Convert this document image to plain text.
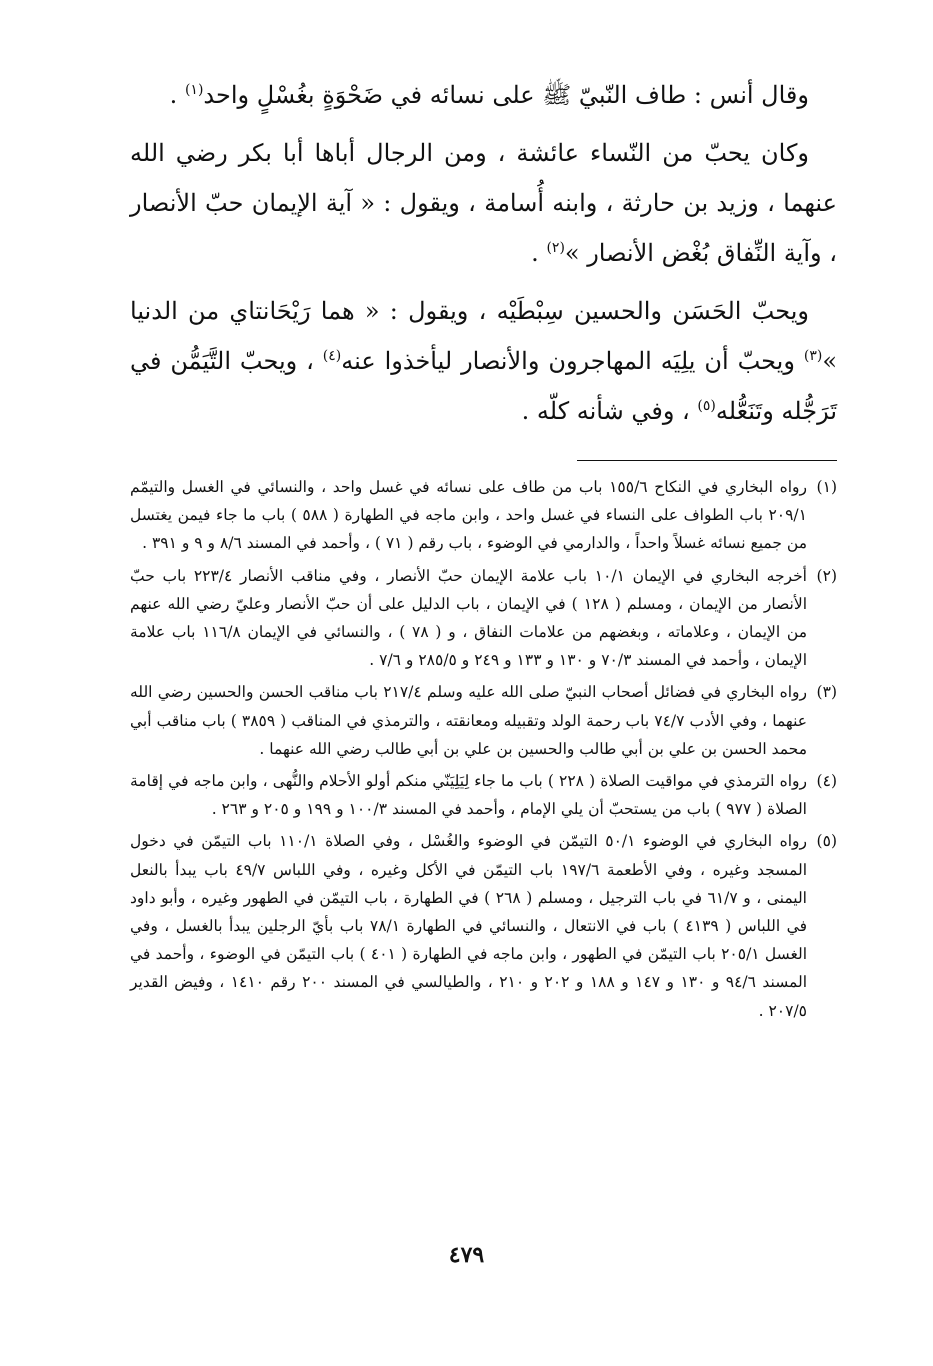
وقال أنس : طاف النّبيّ ﷺ على نسائه في ضَحْوَةٍ بغُسْلٍ واحد$^{(١)}$ .

وكان يحبّ من النّساء عائشة ، ومن الرجال أباها أبا بكر رضي الله عنهما ، وزيد بن حارثة ، وابنه أُسامة ، ويقول : « آية الإيمان حبّ الأنصار ، وآية النِّفاق بُغْض الأنصار »$^{(٢)}$ .

ويحبّ الحَسَن والحسين سِبْطَيْه ، ويقول : « هما رَيْحَانتاي من الدنيا »$^{(٣)}$ ويحبّ أن يلِيَه المهاجرون والأنصار ليأخذوا عنه$^{(٤)}$ ، ويحبّ التَّيَمُّن في تَرَجُّله وتَنَعُّله$^{(٥)}$ ، وفي شأنه كلّه .

(١)
رواه البخاري في النكاح ١٥٥/٦ باب من طاف على نسائه في غسل واحد ، والنسائي في الغسل والتيمّم ٢٠٩/١ باب الطواف على النساء في غسل واحد ، وابن ماجه في الطهارة ( ٥٨٨ ) باب ما جاء فيمن يغتسل من جميع نسائه غسلاً واحداً ، والدارمي في الوضوء ، باب رقم ( ٧١ ) ، وأحمد في المسند ٨/٦ و ٩ و ٣٩١ .
(٢)
أخرجه البخاري في الإيمان ١٠/١ باب علامة الإيمان حبّ الأنصار ، وفي مناقب الأنصار ٢٢٣/٤ باب حبّ الأنصار من الإيمان ، ومسلم ( ١٢٨ ) في الإيمان ، باب الدليل على أن حبّ الأنصار وعليّ رضي الله عنهم من الإيمان ، وعلاماته ، وبغضهم من علامات النفاق ، و ( ٧٨ ) ، والنسائي في الإيمان ١١٦/٨ باب علامة الإيمان ، وأحمد في المسند ٧٠/٣ و ١٣٠ و ١٣٣ و ٢٤٩ و ٢٨٥/٥ و ٧/٦ .
(٣)
رواه البخاري في فضائل أصحاب النبيّ صلى الله عليه وسلم ٢١٧/٤ باب مناقب الحسن والحسين رضي الله عنهما ، وفي الأدب ٧٤/٧ باب رحمة الولد وتقبيله ومعانقته ، والترمذي في المناقب ( ٣٨٥٩ ) باب مناقب أبي محمد الحسن بن علي بن أبي طالب والحسين بن علي بن أبي طالب رضي الله عنهما .
(٤)
رواه الترمذي في مواقيت الصلاة ( ٢٢٨ ) باب ما جاء لِيَلِيَنّي منكم أولو الأحلام والنُّهى ، وابن ماجه في إقامة الصلاة ( ٩٧٧ ) باب من يستحبّ أن يلي الإمام ، وأحمد في المسند ١٠٠/٣ و ١٩٩ و ٢٠٥ و ٢٦٣ .
(٥)
رواه البخاري في الوضوء ٥٠/١ التيمّن في الوضوء والغُسْل ، وفي الصلاة ١١٠/١ باب التيمّن في دخول المسجد وغيره ، وفي الأطعمة ١٩٧/٦ باب التيمّن في الأكل وغيره ، وفي اللباس ٤٩/٧ باب يبدأ بالنعل اليمنى ، و ٦١/٧ في باب الترجيل ، ومسلم ( ٢٦٨ ) في الطهارة ، باب التيمّن في الطهور وغيره ، وأبو داود في اللباس ( ٤١٣٩ ) باب في الانتعال ، والنسائي في الطهارة ٧٨/١ باب بأيّ الرجلين يبدأ بالغسل ، وفي الغسل ٢٠٥/١ باب التيمّن في الطهور ، وابن ماجه في الطهارة ( ٤٠١ ) باب التيمّن في الوضوء ، وأحمد في المسند ٩٤/٦ و ١٣٠ و ١٤٧ و ١٨٨ و ٢٠٢ و ٢١٠ ، والطيالسي في المسند ٢٠٠ رقم ١٤١٠ ، وفيض القدير ٢٠٧/٥ .
٤٧٩
